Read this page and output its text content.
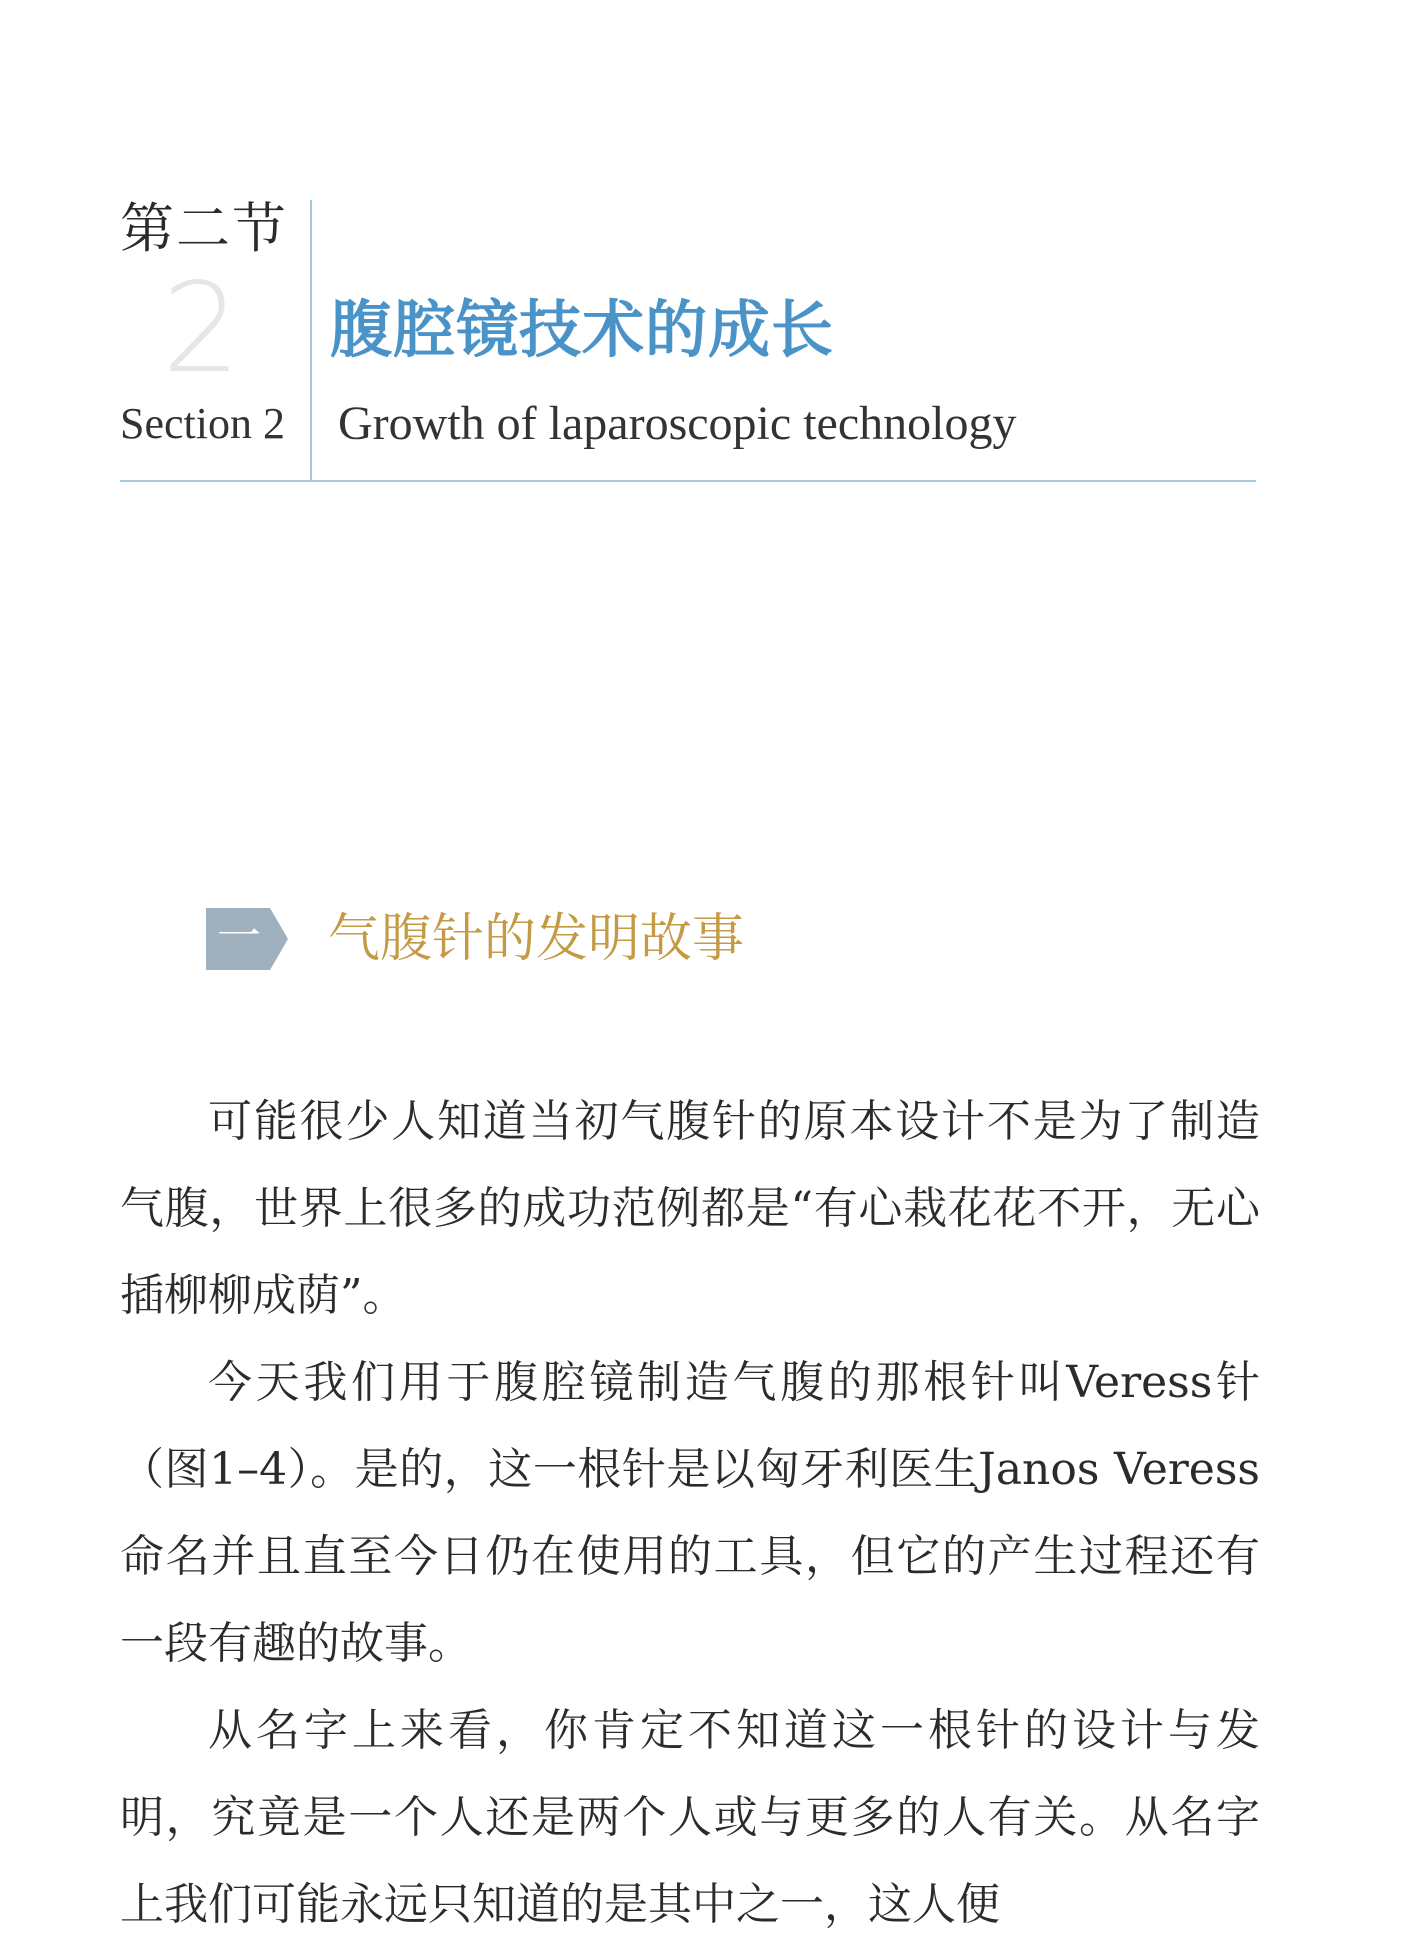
第二节
2
Section 2
腹腔镜技术的成长
Growth of laparoscopic technology
一 气腹针的发明故事

可能很少人知道当初气腹针的原本设计不是为了制造气腹，世界上很多的成功范例都是“有心栽花花不开，无心插柳柳成荫”。

今天我们用于腹腔镜制造气腹的那根针叫Veress针（图1–4）。是的，这一根针是以匈牙利医生Janos Veress命名并且直至今日仍在使用的工具，但它的产生过程还有一段有趣的故事。

从名字上来看，你肯定不知道这一根针的设计与发明，究竟是一个人还是两个人或与更多的人有关。从名字上我们可能永远只知道的是其中之一，这人便
